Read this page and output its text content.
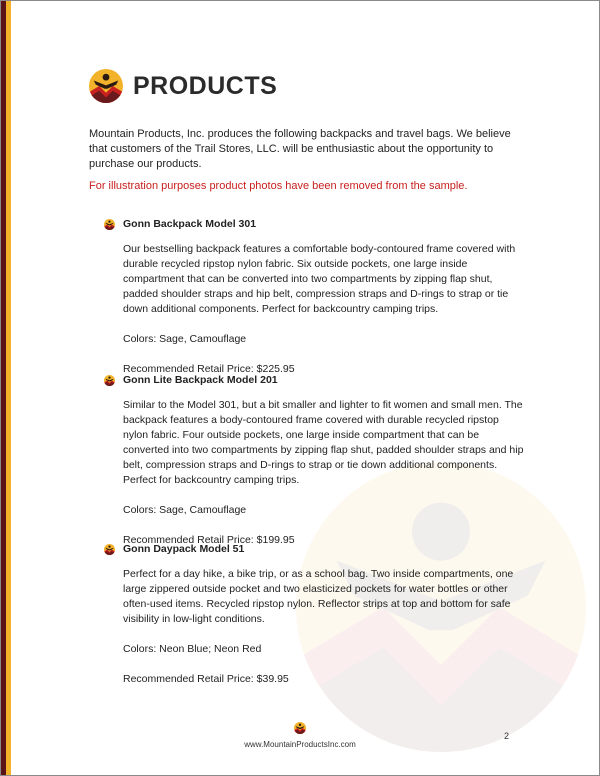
PRODUCTS

Mountain Products, Inc. produces the following backpacks and travel bags. We believe that customers of the Trail Stores, LLC. will be enthusiastic about the opportunity to purchase our products.

For illustration purposes product photos have been removed from the sample.

Gonn Backpack Model 301

Our bestselling backpack features a comfortable body-contoured frame covered with durable recycled ripstop nylon fabric. Six outside pockets, one large inside compartment that can be converted into two compartments by zipping flap shut, padded shoulder straps and hip belt, compression straps and D-rings to strap or tie down additional components. Perfect for backcountry camping trips.

Colors: Sage, Camouflage

Recommended Retail Price: $225.95

Gonn Lite Backpack Model 201

Similar to the Model 301, but a bit smaller and lighter to fit women and small men. The backpack features a body-contoured frame covered with durable recycled ripstop nylon fabric. Four outside pockets, one large inside compartment that can be converted into two compartments by zipping flap shut, padded shoulder straps and hip belt, compression straps and D-rings to strap or tie down additional components. Perfect for backcountry camping trips.

Colors: Sage, Camouflage

Recommended Retail Price: $199.95

Gonn Daypack Model 51

Perfect for a day hike, a bike trip, or as a school bag. Two inside compartments, one large zippered outside pocket and two elasticized pockets for water bottles or other often-used items. Recycled ripstop nylon. Reflector strips at top and bottom for safe visibility in low-light conditions.

Colors: Neon Blue; Neon Red

Recommended Retail Price: $39.95

www.MountainProductsInc.com
2
